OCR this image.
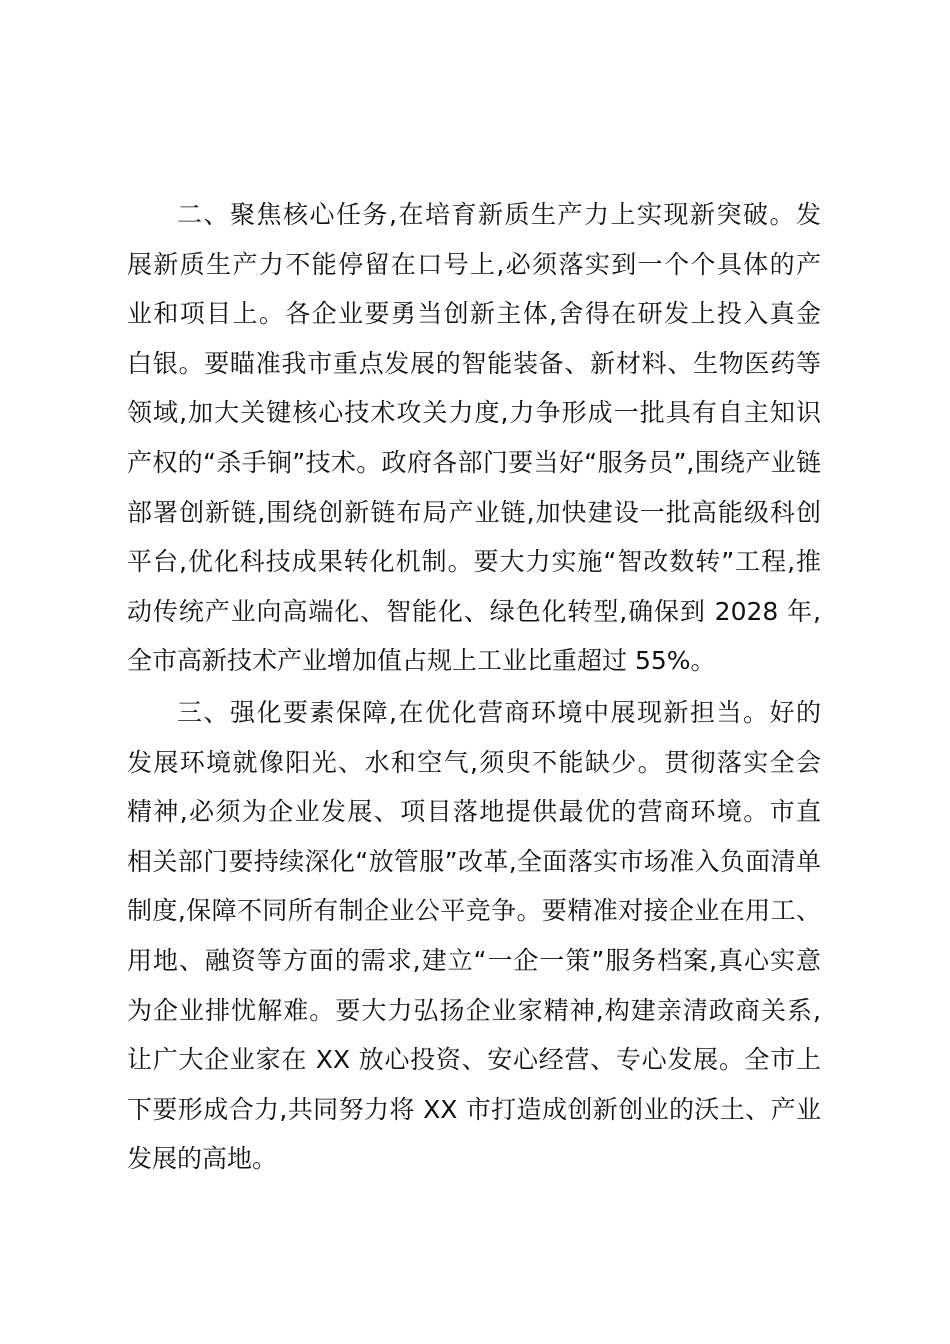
二、聚焦核心任务,在培育新质生产力上实现新突破。发
展新质生产力不能停留在口号上,必须落实到一个个具体的产
业和项目上。各企业要勇当创新主体,舍得在研发上投入真金
白银。要瞄准我市重点发展的智能装备、新材料、生物医药等
领域,加大关键核心技术攻关力度,力争形成一批具有自主知识
产权的“杀手锏”技术。政府各部门要当好“服务员”,围绕产业链
部署创新链,围绕创新链布局产业链,加快建设一批高能级科创
平台,优化科技成果转化机制。要大力实施“智改数转”工程,推
动传统产业向高端化、智能化、绿色化转型,确保到 2028 年,
全市高新技术产业增加值占规上工业比重超过 55%。
三、强化要素保障,在优化营商环境中展现新担当。好的
发展环境就像阳光、水和空气,须臾不能缺少。贯彻落实全会
精神,必须为企业发展、项目落地提供最优的营商环境。市直
相关部门要持续深化“放管服”改革,全面落实市场准入负面清单
制度,保障不同所有制企业公平竞争。要精准对接企业在用工、
用地、融资等方面的需求,建立“一企一策”服务档案,真心实意
为企业排忧解难。要大力弘扬企业家精神,构建亲清政商关系,
让广大企业家在 XX 放心投资、安心经营、专心发展。全市上
下要形成合力,共同努力将 XX 市打造成创新创业的沃土、产业
发展的高地。
